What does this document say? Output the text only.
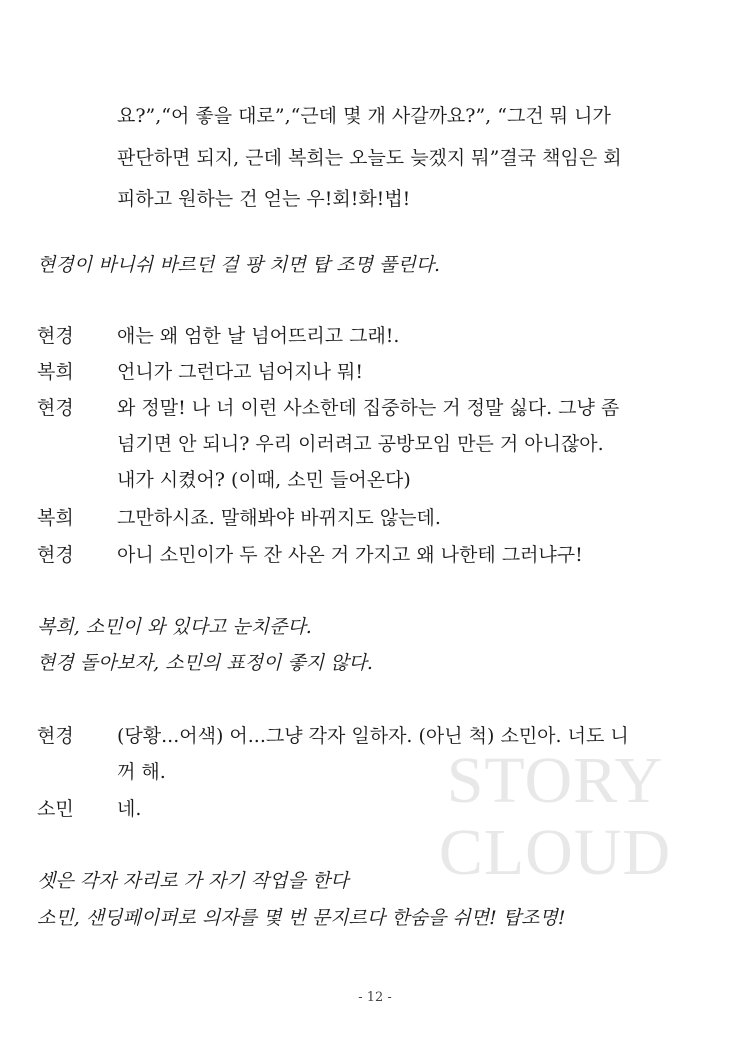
STORY
CLOUD
요?”,“어 좋을 대로”,“근데 몇 개 사갈까요?”, “그건 뭐 니가
판단하면 되지, 근데 복희는 오늘도 늦겠지 뭐”결국 책임은 회
피하고 원하는 건 얻는 우!회!화!법!
현경이 바니쉬 바르던 걸 팡 치면 탑 조명 풀린다.
현경 애는 왜 엄한 날 넘어뜨리고 그래!.
복희 언니가 그런다고 넘어지나 뭐!
현경 와 정말! 나 너 이런 사소한데 집중하는 거 정말 싫다. 그냥 좀
넘기면 안 되니? 우리 이러려고 공방모임 만든 거 아니잖아.
내가 시켰어? (이때, 소민 들어온다)
복희 그만하시죠. 말해봐야 바뀌지도 않는데.
현경 아니 소민이가 두 잔 사온 거 가지고 왜 나한테 그러냐구!
복희, 소민이 와 있다고 눈치준다.
현경 돌아보자, 소민의 표정이 좋지 않다.
현경 (당황...어색) 어...그냥 각자 일하자. (아닌 척) 소민아. 너도 니
꺼 해.
소민 네.
셋은 각자 자리로 가 자기 작업을 한다
소민, 샌딩페이퍼로 의자를 몇 번 문지르다 한숨을 쉬면! 탑조명!
- 12 -
